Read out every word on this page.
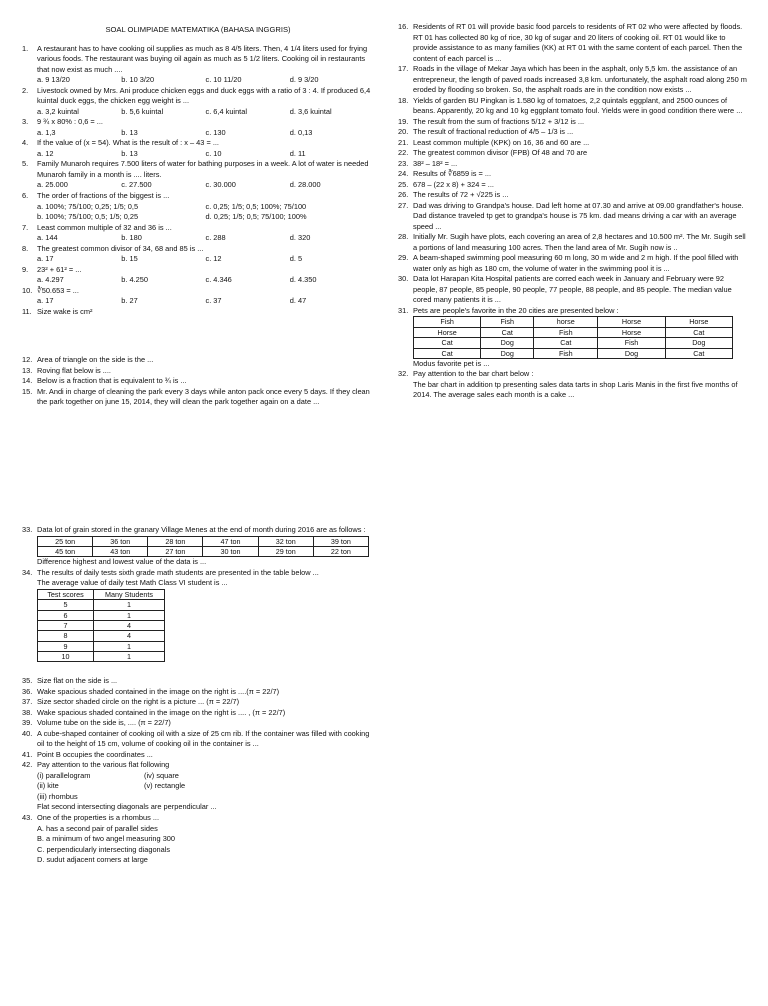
SOAL OLIMPIADE MATEMATIKA (BAHASA INGGRIS)
1.	A restaurant has to have cooking oil supplies as much as 8 4/5 liters. Then, 4 1/4 liters used for frying various foods. The restaurant was buying oil again as much as 5 1/2 liters. Cooking oil in restaurants that now exist as much ....
a. 9 13/20	b. 10 3/20	c. 10 11/20	d. 9 3/20
2.	Livestock owned by Mrs. Ani produce chicken eggs and duck eggs with a ratio of 3 : 4. If produced 6,4 kuintal duck eggs, the chicken egg weight is ...
a. 3,2 kuintal	b. 5,6 kuintal	c. 6,4 kuintal	d. 3,6 kuintal
3.	9 ¾ x 80% : 0,6 = ...
a. 1,3	b. 13	c. 130	d. 0,13
4.	If the value of (x = 54). What is the result of : x – 43 = ...
a. 12	b. 13	c. 10	d. 11
5.	Family Munaroh requires 7.500 liters of water for bathing purposes in a week. A lot of water is needed Munaroh family in a month is .... liters.
a. 25.000	c. 27.500	c. 30.000	d. 28.000
6.	The order of fractions of the biggest is ...
a. 100%; 75/100; 0,25; 1/5; 0,5	c. 0,25; 1/5; 0,5; 100%; 75/100
b. 100%; 75/100; 0,5; 1/5; 0,25	d. 0,25; 1/5; 0,5; 75/100; 100%
7.	Least common multiple of 32 and 36 is ...
a. 144	b. 180	c. 288	d. 320
8.	The greatest common divisor of 34, 68 and 85 is ...
a. 17	b. 15	c. 12	d. 5
9.	23² + 61² = ...
a. 4.297	b. 4.250	c. 4.346	d. 4.350
10. ∛50.653 = ...
a. 17	b. 27	c. 37	d. 47
11. Size wake is cm²
12. Area of triangle on the side is the ...
13. Roving flat below is ....
14. Below is a fraction that is equivalent to ¾ is ...
15. Mr. Andi in charge of cleaning the park every 3 days while anton pack once every 5 days. If they clean the park together on june 15, 2014, they will clean the park together again on a date ...
16. Residents of RT 01 will provide basic food parcels to residents of RT 02 who were affected by floods. RT 01 has collected 80 kg of rice, 30 kg of sugar and 20 liters of cooking oil. RT 01 would like to provide assistance to as many families (KK) at RT 01 with the same content of each parcel. Then the content of each parcel is ...
17. Roads in the village of Mekar Jaya which has been in the asphalt, only 5,5 km. the assistance of an entrepreneur, the length of paved roads increased 3,8 km. unfortunately, the asphalt road along 250 m eroded by flooding so broken. So, the asphalt roads are in the condition now exists ...
18. Yields of garden BU Pingkan is 1.580 kg of tomatoes, 2,2 quintals eggplant, and 2500 ounces of beans. Apparently, 20 kg and 10 kg eggplant tomato foul. Yields were in good condition there were ...
19. The result from the sum of fractions 5/12 + 3/12 is ...
20. The result of fractional reduction of 4/5 – 1/3 is ...
21. Least common multiple (KPK) on 16, 36 and 60 are ...
22. The greatest common divisor (FPB) Of 48 and 70 are
23. 38² – 18² = ...
24. Results of ∛6859 is = ...
25. 678 – (22 x 8) + 324 = ...
26. The results of 72 + √225 is ...
27. Dad was driving to Grandpa's house. Dad left home at 07.30 and arrive at 09.00 grandfather's house. Dad distance traveled tp get to grandpa's house is 75 km. dad means driving a car with an average speed ...
28. Initially Mr. Sugih have plots, each covering an area of 2,8 hectares and 10.500 m². The Mr. Sugih sell a portions of land measuring 100 acres. Then the land area of Mr. Sugih now is ..
29. A beam-shaped swimming pool measuring 60 m long, 30 m wide and 2 m high. If the pool filled with water only as high as 180 cm, the volume of water in the swimming pool it is ...
30. Data lot Harapan Kita Hospital patients are corred each week in January and February were 92 people, 87 people, 85 people, 90 people, 77 people, 88 people, and 85 people. The median value cored many patients it is ...
31. Pets are people's favorite in the 20 cities are presented below :
Fish	Fish	horse	Horse	Horse
Horse	Cat	Fish	Horse	Cat
Cat	Dog	Cat	Fish	Dog
Cat	Dog	Fish	Dog	Cat
Modus favorite pet is ...
32. Pay attention to the bar chart below :
The bar chart in addition tp presenting sales data tarts in shop Laris Manis in the first five months of 2014. The average sales each month is a cake ...
33. Data lot of grain stored in the granary Village Menes at the end of month during 2016 are as follows :
25 ton	36 ton	28 ton	47 ton	32 ton	39 ton
45 ton	43 ton	27 ton	30 ton	29 ton	22 ton
Difference highest and lowest value of the data is ...
34. The results of daily tests sixth grade math students are presented in the table below ...
The average value of daily test Math Class VI student is ...
Test scores	Many Students
5	1
6	1
7	4
8	4
9	1
10	1
35. Size flat on the side is ...
36. Wake spacious shaded contained in the image on the right is ....(π = 22/7)
37. Size sector shaded circle on the right is a picture ... (π = 22/7)
38. Wake spacious shaded contained in the image on the right is .... , (π = 22/7)
39. Volume tube on the side is, .... (π = 22/7)
40. A cube-shaped container of cooking oil with a size of 25 cm rib. If the container was filled with cooking oil to the height of 15 cm, volume of cooking oil in the container is ...
41. Point B occupies the coordinates ...
42. Pay attention to the various flat following
(i) parallelogram	(iv) square
(ii) kite	(v) rectangle
(iii) rhombus
Flat second intersecting diagonals are perpendicular ...
43. One of the properties is a rhombus ...
A. has a second pair of parallel sides
B. a minimum of two angel measuring 300
C. perpendicularly intersecting diagonals
D. sudut adjacent corners at large
